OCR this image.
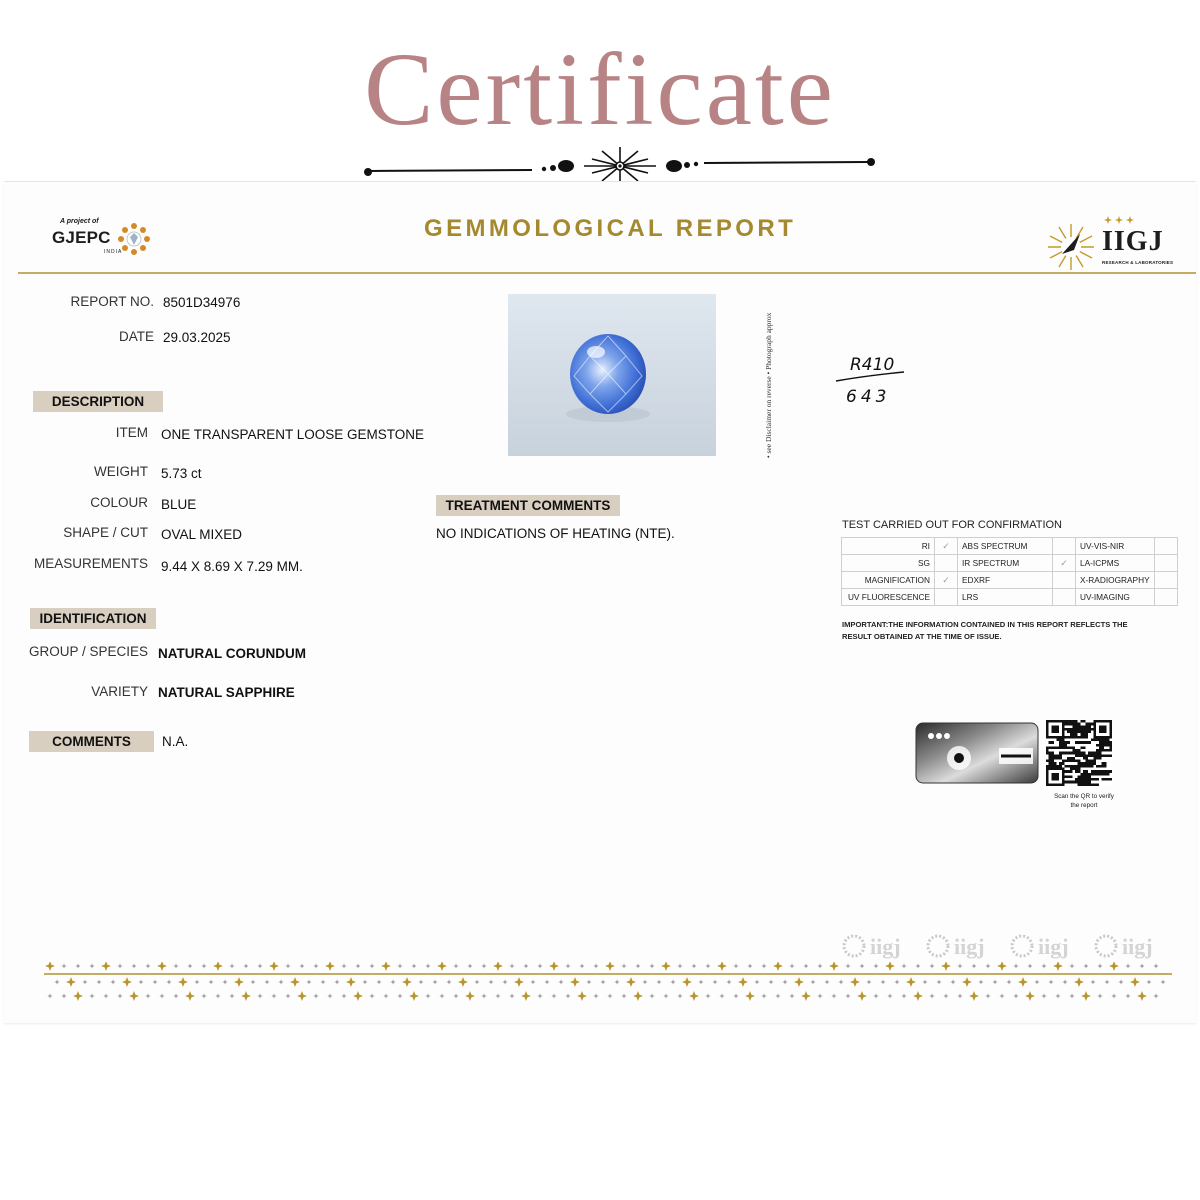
Certificate
A project of
GJEPC
INDIA
GEMMOLOGICAL REPORT	IIGJ
RESEARCH & LABORATORIES
REPORT NO. 8501D34976
DATE 29.03.2025
DESCRIPTION
ITEM ONE TRANSPARENT LOOSE GEMSTONE
WEIGHT 5.73 ct
COLOUR BLUE
SHAPE / CUT OVAL MIXED
MEASUREMENTS 9.44 X 8.69 X 7.29 MM.
IDENTIFICATION
GROUP / SPECIES NATURAL CORUNDUM
VARIETY NATURAL SAPPHIRE
COMMENTS	N.A.
• see Disclaimer on reverse • Photograph approx	R410
643
TREATMENT COMMENTS
NO INDICATIONS OF HEATING (NTE).
TEST CARRIED OUT FOR CONFIRMATION
RI	✓	ABS SPECTRUM		UV-VIS-NIR	
SG		IR SPECTRUM	✓	LA-ICPMS	
MAGNIFICATION	✓	EDXRF		X-RADIOGRAPHY	
UV FLUORESCENCE		LRS		UV-IMAGING	
IMPORTANT:THE INFORMATION CONTAINED IN THIS REPORT REFLECTS THE RESULT OBTAINED AT THE TIME OF ISSUE.
Scan the QR to verify the report
iigj iigj iigj iigj
